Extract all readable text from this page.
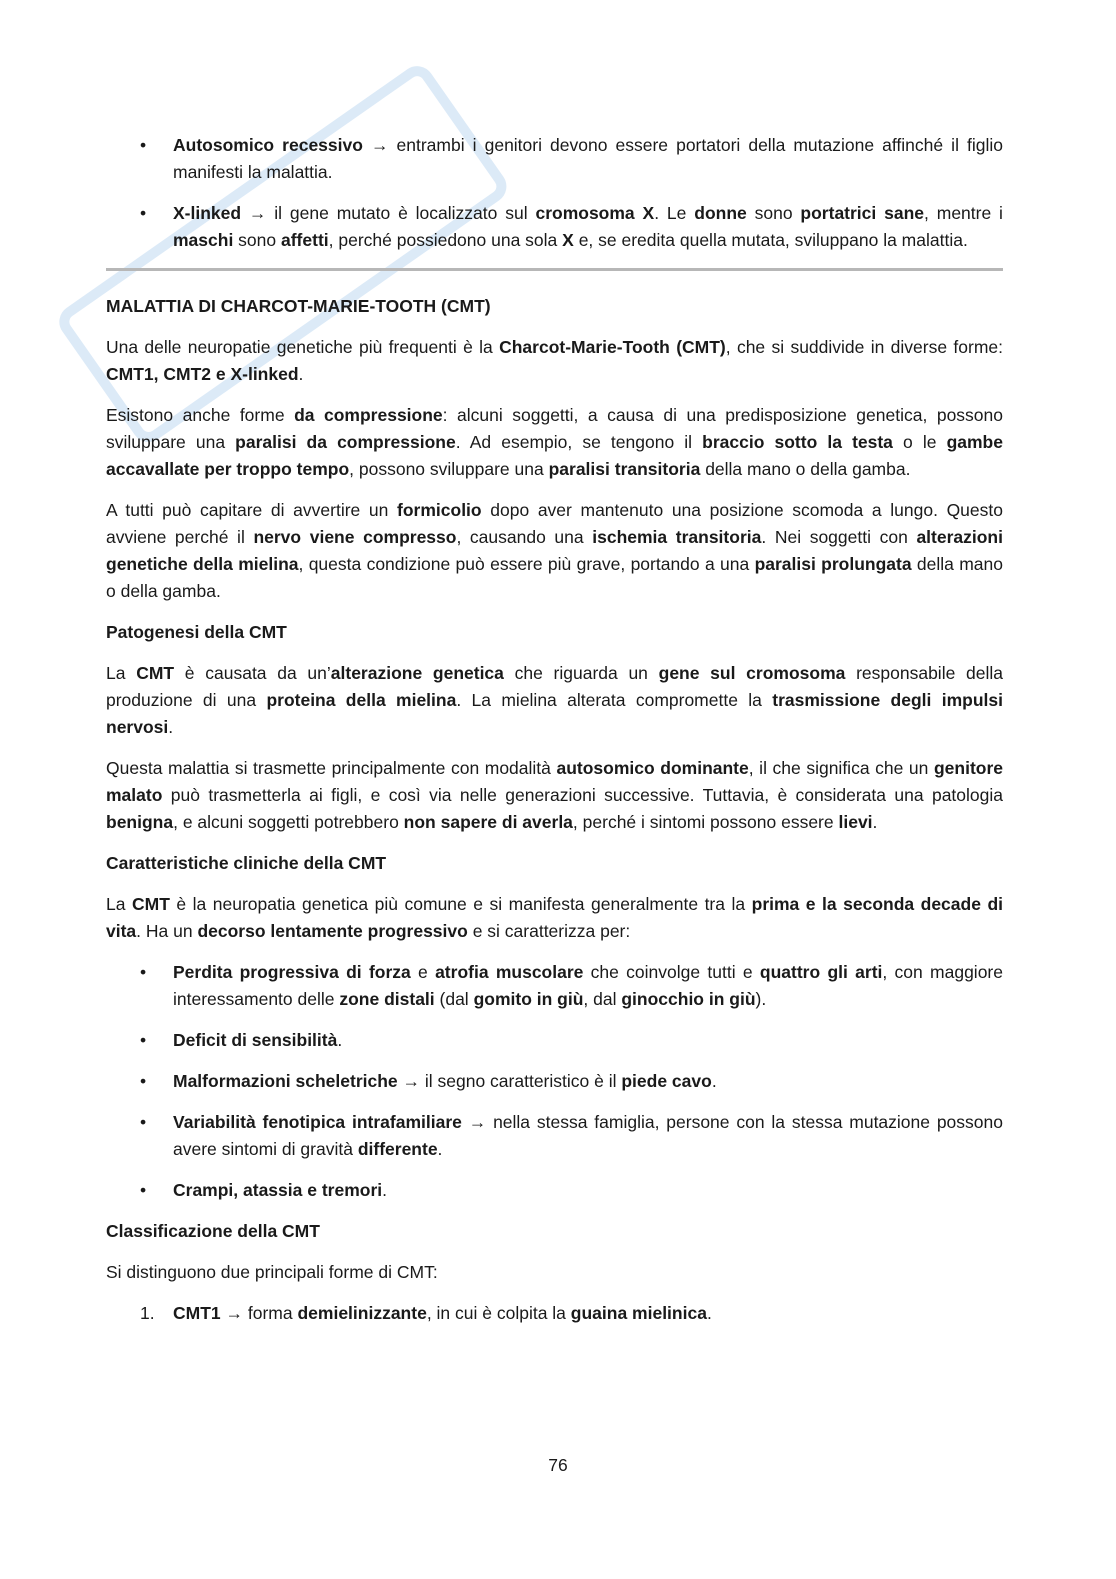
• Autosomico recessivo → entrambi i genitori devono essere portatori della mutazione affinché il figlio manifesti la malattia.
• X-linked → il gene mutato è localizzato sul cromosoma X. Le donne sono portatrici sane, mentre i maschi sono affetti, perché possiedono una sola X e, se eredita quella mutata, sviluppano la malattia.
MALATTIA DI CHARCOT-MARIE-TOOTH (CMT)

Una delle neuropatie genetiche più frequenti è la Charcot-Marie-Tooth (CMT), che si suddivide in diverse forme: CMT1, CMT2 e X-linked.

Esistono anche forme da compressione: alcuni soggetti, a causa di una predisposizione genetica, possono sviluppare una paralisi da compressione. Ad esempio, se tengono il braccio sotto la testa o le gambe accavallate per troppo tempo, possono sviluppare una paralisi transitoria della mano o della gamba.

A tutti può capitare di avvertire un formicolio dopo aver mantenuto una posizione scomoda a lungo. Questo avviene perché il nervo viene compresso, causando una ischemia transitoria. Nei soggetti con alterazioni genetiche della mielina, questa condizione può essere più grave, portando a una paralisi prolungata della mano o della gamba.

Patogenesi della CMT

La CMT è causata da un’alterazione genetica che riguarda un gene sul cromosoma responsabile della produzione di una proteina della mielina. La mielina alterata compromette la trasmissione degli impulsi nervosi.

Questa malattia si trasmette principalmente con modalità autosomico dominante, il che significa che un genitore malato può trasmetterla ai figli, e così via nelle generazioni successive. Tuttavia, è considerata una patologia benigna, e alcuni soggetti potrebbero non sapere di averla, perché i sintomi possono essere lievi.

Caratteristiche cliniche della CMT

La CMT è la neuropatia genetica più comune e si manifesta generalmente tra la prima e la seconda decade di vita. Ha un decorso lentamente progressivo e si caratterizza per:

• Perdita progressiva di forza e atrofia muscolare che coinvolge tutti e quattro gli arti, con maggiore interessamento delle zone distali (dal gomito in giù, dal ginocchio in giù).
• Deficit di sensibilità.
• Malformazioni scheletriche → il segno caratteristico è il piede cavo.
• Variabilità fenotipica intrafamiliare → nella stessa famiglia, persone con la stessa mutazione possono avere sintomi di gravità differente.
• Crampi, atassia e tremori.
Classificazione della CMT

Si distinguono due principali forme di CMT:

1. CMT1 → forma demielinizzante, in cui è colpita la guaina mielinica.
76
